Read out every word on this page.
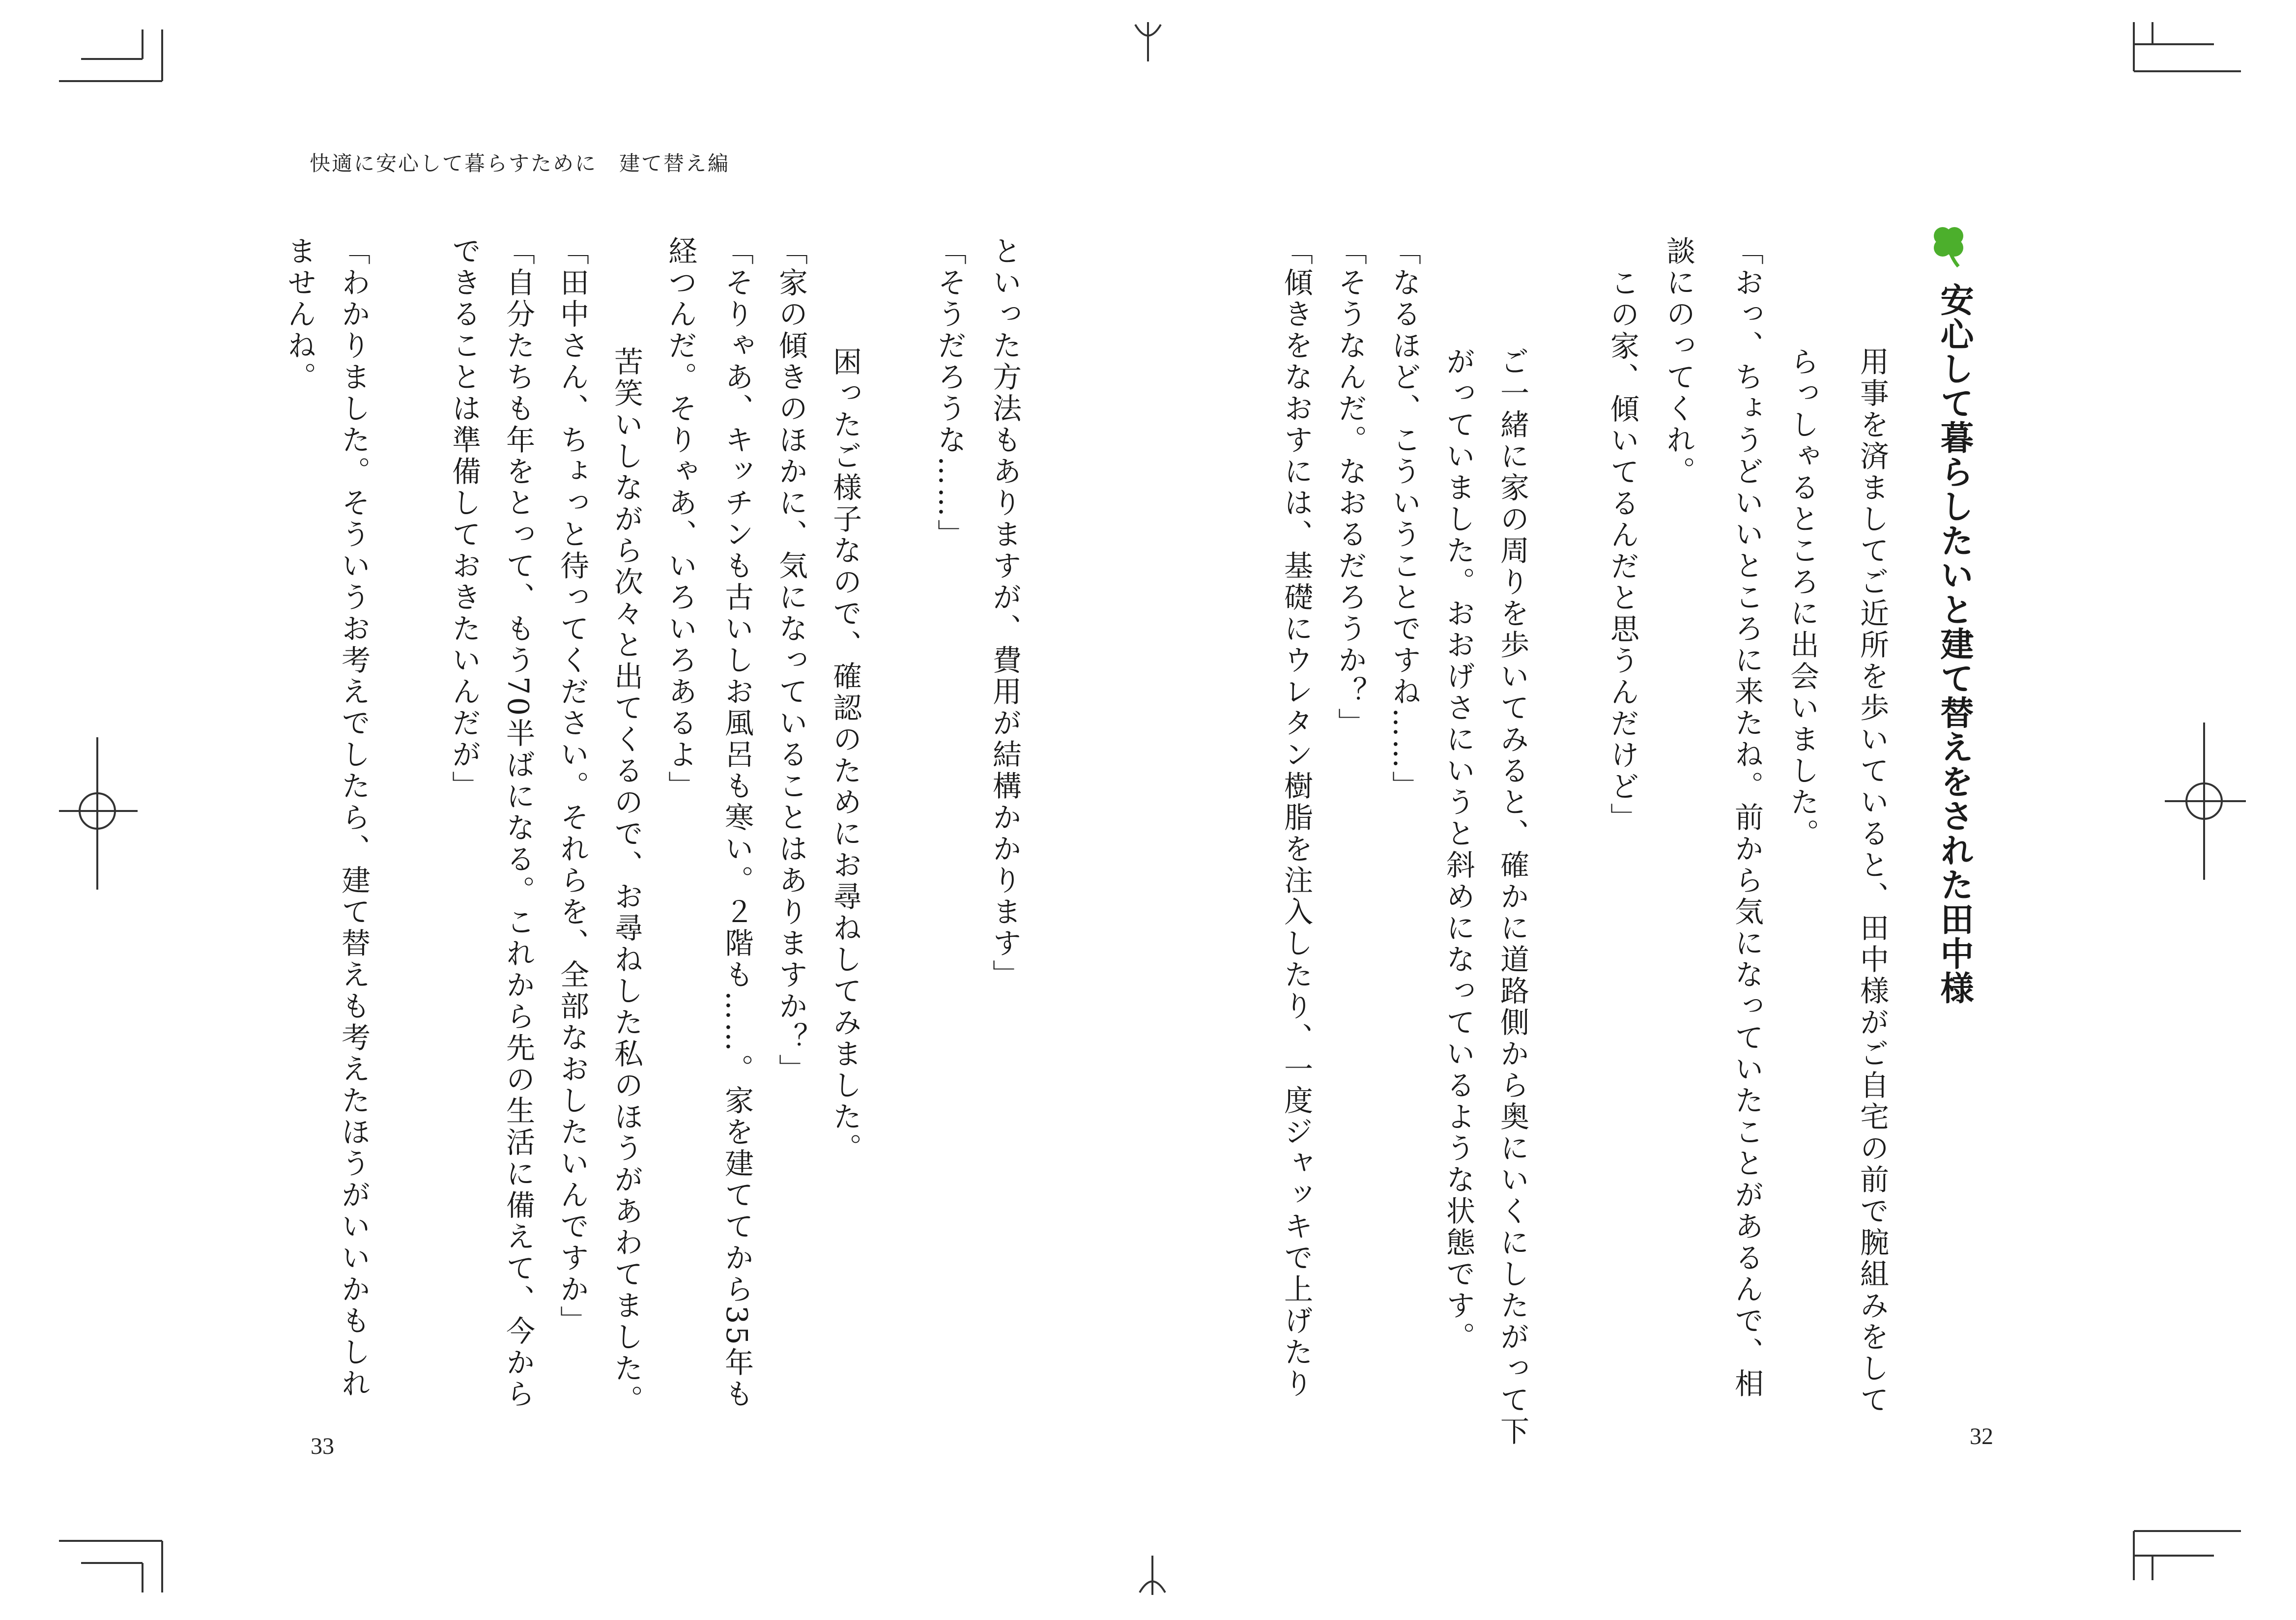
快適に安心して暮らすために　建て替え編
安心して暮らしたいと建て替えをされた田中様
用事を済ましてご近所を歩いていると、田中様がご自宅の前で腕組みをして
らっしゃるところに出会いました。
「おっ、ちょうどいいところに来たね。前から気になっていたことがあるんで、相
談にのってくれ。
この家、傾いてるんだと思うんだけど」
ご一緒に家の周りを歩いてみると、確かに道路側から奥にいくにしたがって下
がっていました。おおげさにいうと斜めになっているような状態です。
「なるほど、こういうことですね……」
「そうなんだ。なおるだろうか？」
「傾きをなおすには、基礎にウレタン樹脂を注入したり、一度ジャッキで上げたり
といった方法もありますが、費用が結構かかります」
「そうだろうな……」
困ったご様子なので、確認のためにお尋ねしてみました。
「家の傾きのほかに、気になっていることはありますか？」
「そりゃあ、キッチンも古いしお風呂も寒い。２階も……。家を建ててから35年も
経つんだ。そりゃあ、いろいろあるよ」
苦笑いしながら次々と出てくるので、お尋ねした私のほうがあわてました。
「田中さん、ちょっと待ってください。それらを、全部なおしたいんですか」
「自分たちも年をとって、もう70半ばになる。これから先の生活に備えて、今から
できることは準備しておきたいんだが」
「わかりました。そういうお考えでしたら、建て替えも考えたほうがいいかもしれ
ませんね。
32
33
